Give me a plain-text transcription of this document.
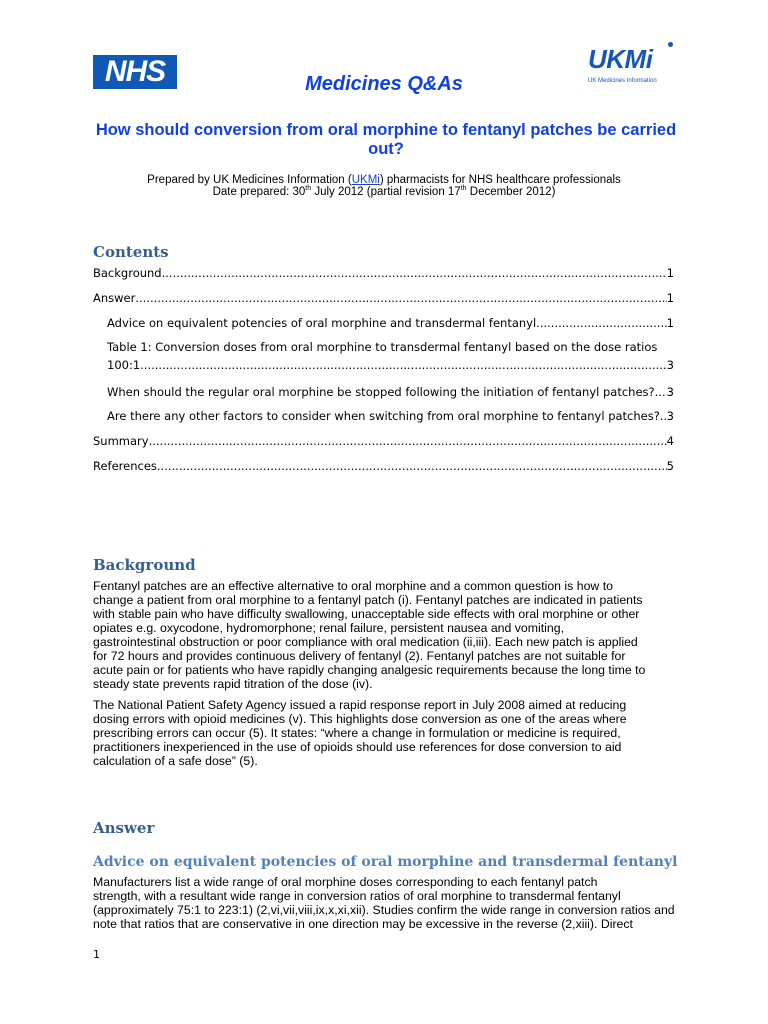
NHS	UKMi
UK Medicines Information
Medicines Q&As
How should conversion from oral morphine to fentanyl patches be carried out?
Prepared by UK Medicines Information (UKMi) pharmacists for NHS healthcare professionals
Date prepared: 30th July 2012 (partial revision 17th December 2012)
Contents
Background .....	1
Answer .....	1
Advice on equivalent potencies of oral morphine and transdermal fentanyl .....	1
Table 1: Conversion doses from oral morphine to transdermal fentanyl based on the dose ratios
100:1 .....	3
When should the regular oral morphine be stopped following the initiation of fentanyl patches? ..... 3
Are there any other factors to consider when switching from oral morphine to fentanyl patches? ..... 3
Summary .....	4
References .....	5
Background
Fentanyl patches are an effective alternative to oral morphine and a common question is how to
change a patient from oral morphine to a fentanyl patch (i). Fentanyl patches are indicated in patients
with stable pain who have difficulty swallowing, unacceptable side effects with oral morphine or other
opiates e.g. oxycodone, hydromorphone; renal failure, persistent nausea and vomiting,
gastrointestinal obstruction or poor compliance with oral medication (ii,iii). Each new patch is applied
for 72 hours and provides continuous delivery of fentanyl (2). Fentanyl patches are not suitable for
acute pain or for patients who have rapidly changing analgesic requirements because the long time to
steady state prevents rapid titration of the dose (iv).
The National Patient Safety Agency issued a rapid response report in July 2008 aimed at reducing
dosing errors with opioid medicines (v). This highlights dose conversion as one of the areas where
prescribing errors can occur (5). It states: “where a change in formulation or medicine is required,
practitioners inexperienced in the use of opioids should use references for dose conversion to aid
calculation of a safe dose” (5).
Answer
Advice on equivalent potencies of oral morphine and transdermal fentanyl
Manufacturers list a wide range of oral morphine doses corresponding to each fentanyl patch
strength, with a resultant wide range in conversion ratios of oral morphine to transdermal fentanyl
(approximately 75:1 to 223:1) (2,vi,vii,viii,ix,x,xi,xii). Studies confirm the wide range in conversion ratios and
note that ratios that are conservative in one direction may be excessive in the reverse (2,xiii). Direct
1
